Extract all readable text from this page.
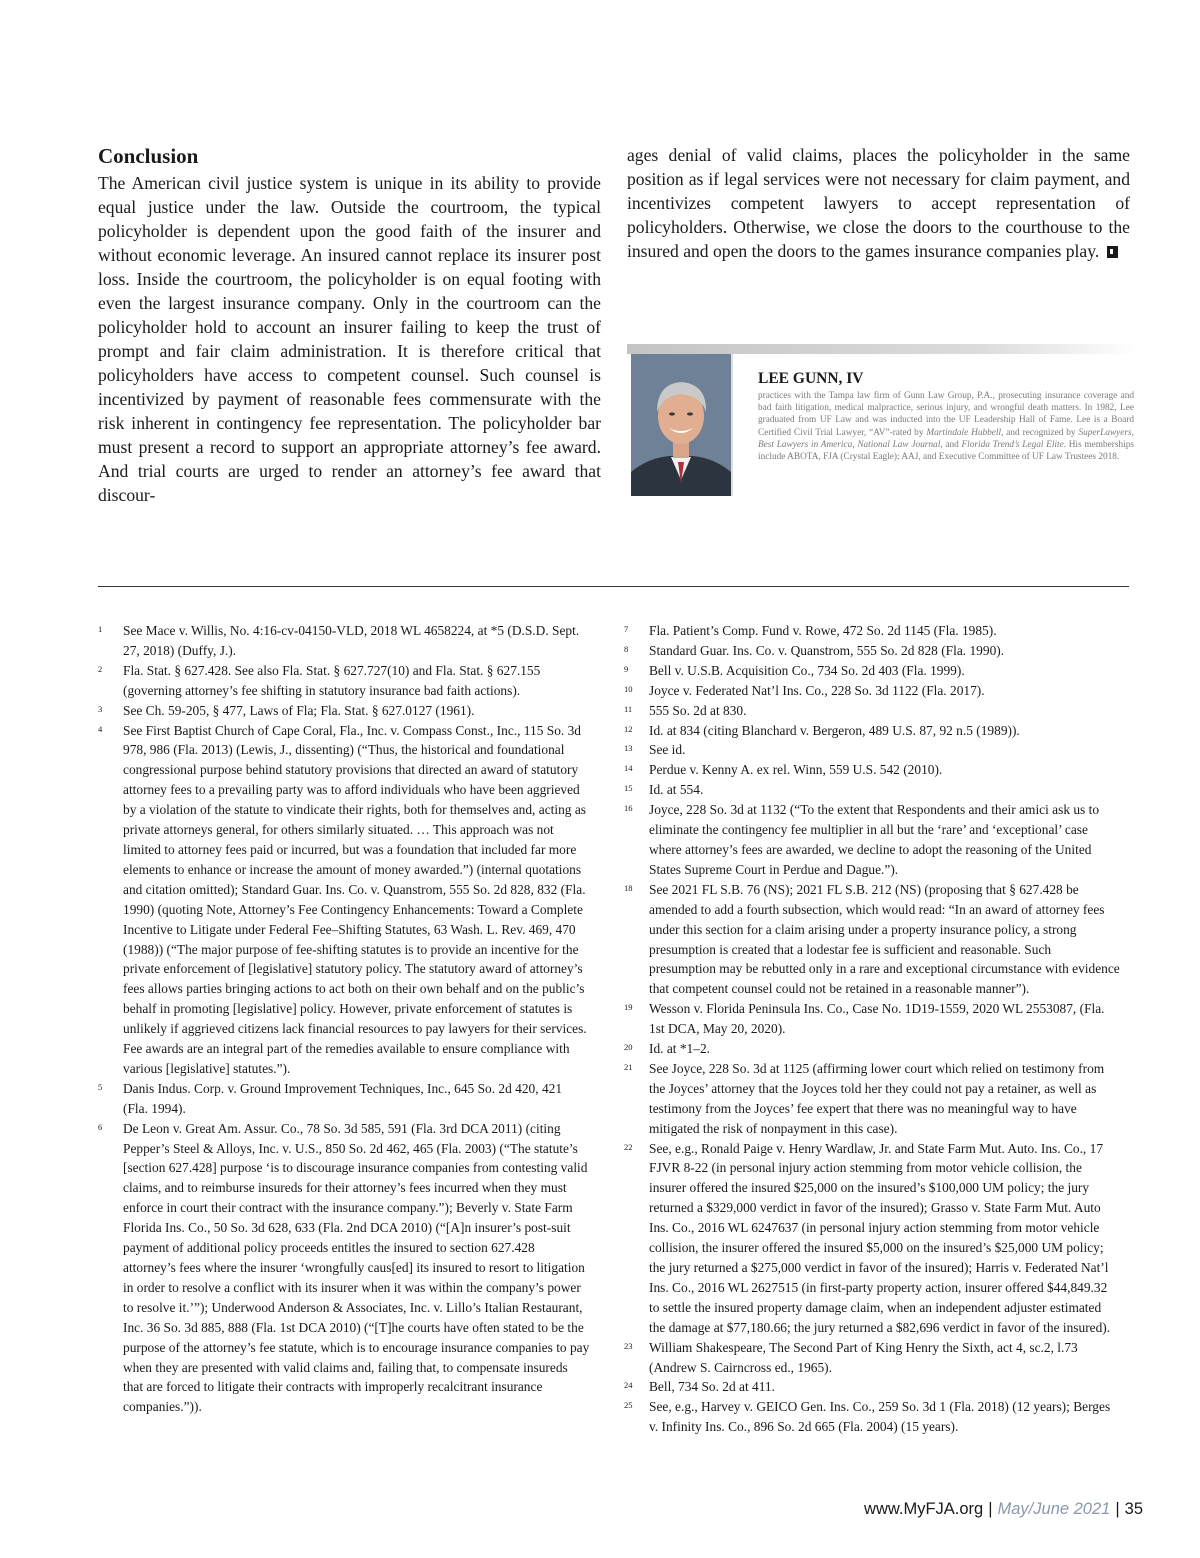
Conclusion

The American civil justice system is unique in its ability to provide equal justice under the law. Outside the courtroom, the typical policyholder is dependent upon the good faith of the insurer and without economic leverage. An insured cannot replace its insurer post loss. Inside the courtroom, the policyholder is on equal footing with even the largest insurance company. Only in the courtroom can the policyholder hold to account an insurer failing to keep the trust of prompt and fair claim administration. It is therefore critical that policyholders have access to competent counsel. Such counsel is incentivized by payment of reasonable fees commensurate with the risk inherent in contingency fee representation. The policyholder bar must present a record to support an appropriate attorney’s fee award. And trial courts are urged to render an attorney’s fee award that discour-

ages denial of valid claims, places the policyholder in the same position as if legal services were not necessary for claim payment, and incentivizes competent lawyers to accept representation of policyholders. Otherwise, we close the doors to the courthouse to the insured and open the doors to the games insurance companies play.

LEE GUNN, IV

practices with the Tampa law firm of Gunn Law Group, P.A., prosecuting insurance coverage and bad faith litigation, medical malpractice, serious injury, and wrongful death matters. In 1982, Lee graduated from UF Law and was inducted into the UF Leadership Hall of Fame. Lee is a Board Certified Civil Trial Lawyer, “AV”-rated by Martindale Hubbell, and recognized by SuperLawyers, Best Lawyers in America, National Law Journal, and Florida Trend’s Legal Elite. His memberships include ABOTA, FJA (Crystal Eagle); AAJ, and Executive Committee of UF Law Trustees 2018.

1 See Mace v. Willis, No. 4:16-cv-04150-VLD, 2018 WL 4658224, at *5 (D.S.D. Sept. 27, 2018) (Duffy, J.).

2 Fla. Stat. § 627.428. See also Fla. Stat. § 627.727(10) and Fla. Stat. § 627.155 (governing attorney’s fee shifting in statutory insurance bad faith actions).

3 See Ch. 59-205, § 477, Laws of Fla; Fla. Stat. § 627.0127 (1961).

4 See First Baptist Church of Cape Coral, Fla., Inc. v. Compass Const., Inc., 115 So. 3d 978, 986 (Fla. 2013) (Lewis, J., dissenting) (“Thus, the historical and foundational congressional purpose behind statutory provisions that directed an award of statutory attorney fees to a prevailing party was to afford individuals who have been aggrieved by a violation of the statute to vindicate their rights, both for themselves and, acting as private attorneys general, for others similarly situated. … This approach was not limited to attorney fees paid or incurred, but was a foundation that included far more elements to enhance or increase the amount of money awarded.”) (internal quotations and citation omitted); Standard Guar. Ins. Co. v. Quanstrom, 555 So. 2d 828, 832 (Fla. 1990) (quoting Note, Attorney’s Fee Contingency Enhancements: Toward a Complete Incentive to Litigate under Federal Fee–Shifting Statutes, 63 Wash. L. Rev. 469, 470 (1988)) (“The major purpose of fee-shifting statutes is to provide an incentive for the private enforcement of [legislative] statutory policy. The statutory award of attorney’s fees allows parties bringing actions to act both on their own behalf and on the public’s behalf in promoting [legislative] policy. However, private enforcement of statutes is unlikely if aggrieved citizens lack financial resources to pay lawyers for their services. Fee awards are an integral part of the remedies available to ensure compliance with various [legislative] statutes.”).

5 Danis Indus. Corp. v. Ground Improvement Techniques, Inc., 645 So. 2d 420, 421 (Fla. 1994).

6 De Leon v. Great Am. Assur. Co., 78 So. 3d 585, 591 (Fla. 3rd DCA 2011) (citing Pepper’s Steel & Alloys, Inc. v. U.S., 850 So. 2d 462, 465 (Fla. 2003) (“The statute’s [section 627.428] purpose ‘is to discourage insurance companies from contesting valid claims, and to reimburse insureds for their attorney’s fees incurred when they must enforce in court their contract with the insurance company.”); Beverly v. State Farm Florida Ins. Co., 50 So. 3d 628, 633 (Fla. 2nd DCA 2010) (“[A]n insurer’s post-suit payment of additional policy proceeds entitles the insured to section 627.428 attorney’s fees where the insurer ‘wrongfully caus[ed] its insured to resort to litigation in order to resolve a conflict with its insurer when it was within the company’s power to resolve it.’”); Underwood Anderson & Associates, Inc. v. Lillo’s Italian Restaurant, Inc. 36 So. 3d 885, 888 (Fla. 1st DCA 2010) (“[T]he courts have often stated to be the purpose of the attorney’s fee statute, which is to encourage insurance companies to pay when they are presented with valid claims and, failing that, to compensate insureds that are forced to litigate their contracts with improperly recalcitrant insurance companies.”)).

7 Fla. Patient’s Comp. Fund v. Rowe, 472 So. 2d 1145 (Fla. 1985).

8 Standard Guar. Ins. Co. v. Quanstrom, 555 So. 2d 828 (Fla. 1990).

9 Bell v. U.S.B. Acquisition Co., 734 So. 2d 403 (Fla. 1999).

10 Joyce v. Federated Nat’l Ins. Co., 228 So. 3d 1122 (Fla. 2017).

11 555 So. 2d at 830.

12 Id. at 834 (citing Blanchard v. Bergeron, 489 U.S. 87, 92 n.5 (1989)).

13 See id.

14 Perdue v. Kenny A. ex rel. Winn, 559 U.S. 542 (2010).

15 Id. at 554.

16 Joyce, 228 So. 3d at 1132 (“To the extent that Respondents and their amici ask us to eliminate the contingency fee multiplier in all but the ‘rare’ and ‘exceptional’ case where attorney’s fees are awarded, we decline to adopt the reasoning of the United States Supreme Court in Perdue and Dague.”).

18 See 2021 FL S.B. 76 (NS); 2021 FL S.B. 212 (NS) (proposing that § 627.428 be amended to add a fourth subsection, which would read: “In an award of attorney fees under this section for a claim arising under a property insurance policy, a strong presumption is created that a lodestar fee is sufficient and reasonable. Such presumption may be rebutted only in a rare and exceptional circumstance with evidence that competent counsel could not be retained in a reasonable manner”).

19 Wesson v. Florida Peninsula Ins. Co., Case No. 1D19-1559, 2020 WL 2553087, (Fla. 1st DCA, May 20, 2020).

20 Id. at *1–2.

21 See Joyce, 228 So. 3d at 1125 (affirming lower court which relied on testimony from the Joyces’ attorney that the Joyces told her they could not pay a retainer, as well as testimony from the Joyces’ fee expert that there was no meaningful way to have mitigated the risk of nonpayment in this case).

22 See, e.g., Ronald Paige v. Henry Wardlaw, Jr. and State Farm Mut. Auto. Ins. Co., 17 FJVR 8-22 (in personal injury action stemming from motor vehicle collision, the insurer offered the insured $25,000 on the insured’s $100,000 UM policy; the jury returned a $329,000 verdict in favor of the insured); Grasso v. State Farm Mut. Auto Ins. Co., 2016 WL 6247637 (in personal injury action stemming from motor vehicle collision, the insurer offered the insured $5,000 on the insured’s $25,000 UM policy; the jury returned a $275,000 verdict in favor of the insured); Harris v. Federated Nat’l Ins. Co., 2016 WL 2627515 (in first-party property action, insurer offered $44,849.32 to settle the insured property damage claim, when an independent adjuster estimated the damage at $77,180.66; the jury returned a $82,696 verdict in favor of the insured).

23 William Shakespeare, The Second Part of King Henry the Sixth, act 4, sc.2, l.73 (Andrew S. Cairncross ed., 1965).

24 Bell, 734 So. 2d at 411.

25 See, e.g., Harvey v. GEICO Gen. Ins. Co., 259 So. 3d 1 (Fla. 2018) (12 years); Berges v. Infinity Ins. Co., 896 So. 2d 665 (Fla. 2004) (15 years).

www.MyFJA.org | May/June 2021 | 35
